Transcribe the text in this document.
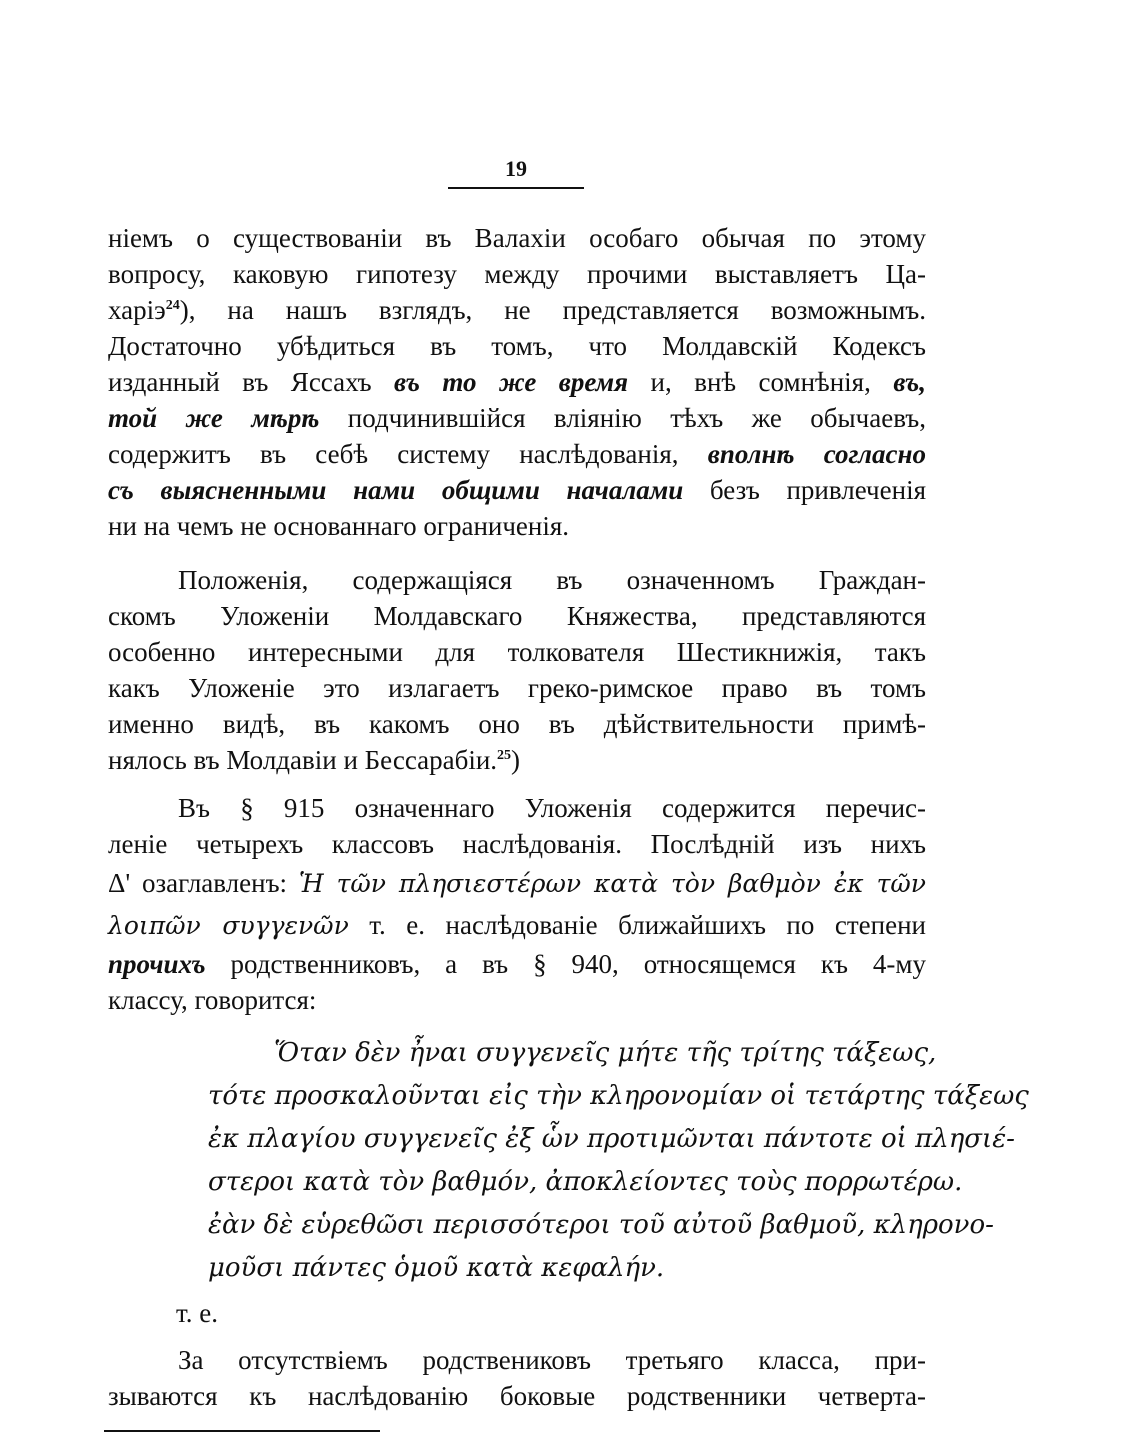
19
ніемъ о существованіи въ Валахіи особаго обычая по этому
вопросу, каковую гипотезу между прочими выставляетъ Ца-
харіэ$^{24}$), на нашъ взглядъ, не представляется возможнымъ.
Достаточно убѣдиться въ томъ, что Молдавскій Кодексъ
изданный въ Яссахъ въ то же время и, внѣ сомнѣнія, въ,
той же мѣрѣ подчинившійся вліянію тѣхъ же обычаевъ,
содержитъ въ себѣ систему наслѣдованія, вполнѣ согласно
съ выясненными нами общими началами безъ привлеченія
ни на чемъ не основаннаго ограниченія.
Положенія, содержащіяся въ означенномъ Граждан-
скомъ Уложеніи Молдавскаго Княжества, представляются
особенно интересными для толкователя Шестикнижія, такъ
какъ Уложеніе это излагаетъ греко-римское право въ томъ
именно видѣ, въ какомъ оно въ дѣйствительности примѣ-
нялось въ Молдавіи и Бессарабіи.$^{25}$)
Въ § 915 означеннаго Уложенія содержится перечис-
леніе четырехъ классовъ наслѣдованія. Послѣдній изъ нихъ
Δ' озаглавленъ: Ἡ τῶν πλησιεστέρων κατὰ τὸν βαθμὸν ἐκ τῶν
λοιπῶν συγγενῶν т. е. наслѣдованіе ближайшихъ по степени
прочихъ родственниковъ, а въ § 940, относящемся къ 4-му
классу, говорится:
Ὅταν δὲν ἦναι συγγενεῖς μήτε τῆς τρίτης τάξεως,
τότε προσκαλοῦνται εἰς τὴν κληρονομίαν οἱ τετάρτης τάξεως
ἐκ πλαγίου συγγενεῖς ἐξ ὧν προτιμῶνται πάντοτε οἱ πλησιέ-
στεροι κατὰ τὸν βαθμόν, ἀποκλείοντες τοὺς πορρωτέρω.
ἐὰν δὲ εὑρεθῶσι περισσότεροι τοῦ αὐτοῦ βαθμοῦ, κληρονο-
μοῦσι πάντες ὁμοῦ κατὰ κεφαλήν.
т. е.
За отсутствіемъ родствениковъ третьяго класса, при-
зываются къ наслѣдованію боковые родственники четверта-
